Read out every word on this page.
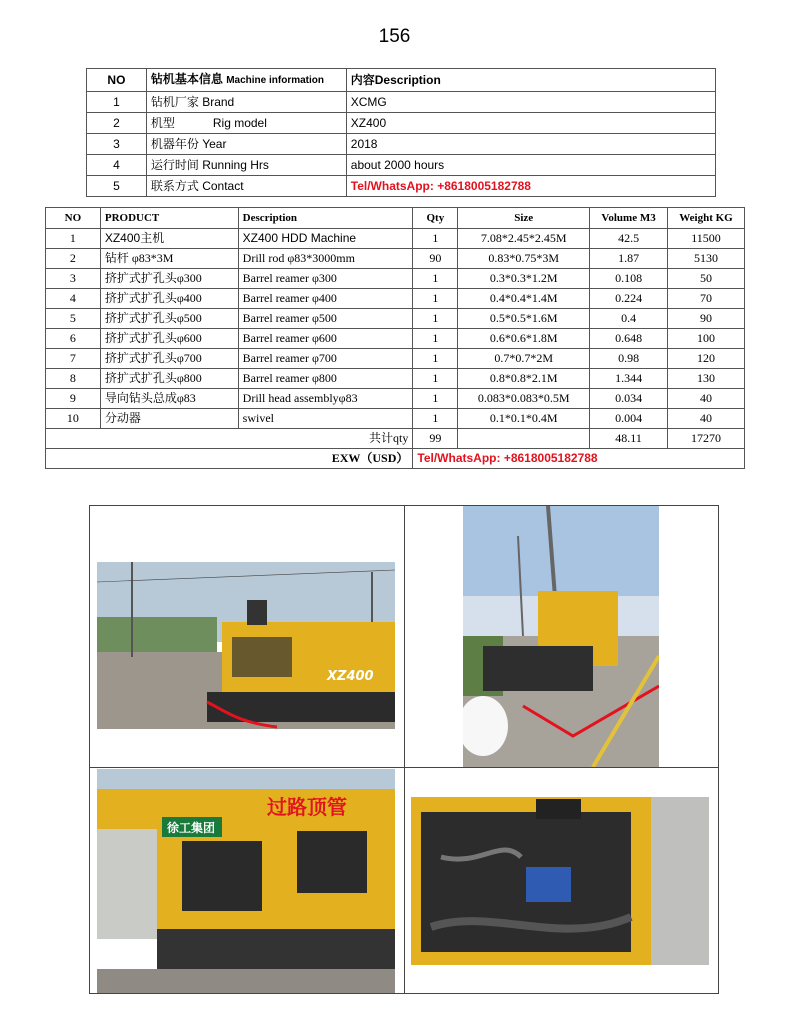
156
NO	钻机基本信息 Machine information	内容Description
1	钻机厂家 Brand	XCMG
2	机型 Rig model	XZ400
3	机器年份 Year	2018
4	运行时间 Running Hrs	about 2000 hours
5	联系方式 Contact	Tel/WhatsApp: +8618005182788
NO	PRODUCT	Description	Qty	Size	Volume M3	Weight KG
1	XZ400主机	XZ400 HDD Machine	1	7.08*2.45*2.45M	42.5	11500
2	钻杆 φ83*3M	Drill rod φ83*3000mm	90	0.83*0.75*3M	1.87	5130
3	挤扩式扩孔头φ300	Barrel reamer φ300	1	0.3*0.3*1.2M	0.108	50
4	挤扩式扩孔头φ400	Barrel reamer φ400	1	0.4*0.4*1.4M	0.224	70
5	挤扩式扩孔头φ500	Barrel reamer φ500	1	0.5*0.5*1.6M	0.4	90
6	挤扩式扩孔头φ600	Barrel reamer φ600	1	0.6*0.6*1.8M	0.648	100
7	挤扩式扩孔头φ700	Barrel reamer φ700	1	0.7*0.7*2M	0.98	120
8	挤扩式扩孔头φ800	Barrel reamer φ800	1	0.8*0.8*2.1M	1.344	130
9	导向钻头总成φ83	Drill head assemblyφ83	1	0.083*0.083*0.5M	0.034	40
10	分动器	swivel	1	0.1*0.1*0.4M	0.004	40
共计qty			99		48.11	17270
EXW（USD）			Tel/WhatsApp: +8618005182788			
XZ400
过路顶管
徐工集团
